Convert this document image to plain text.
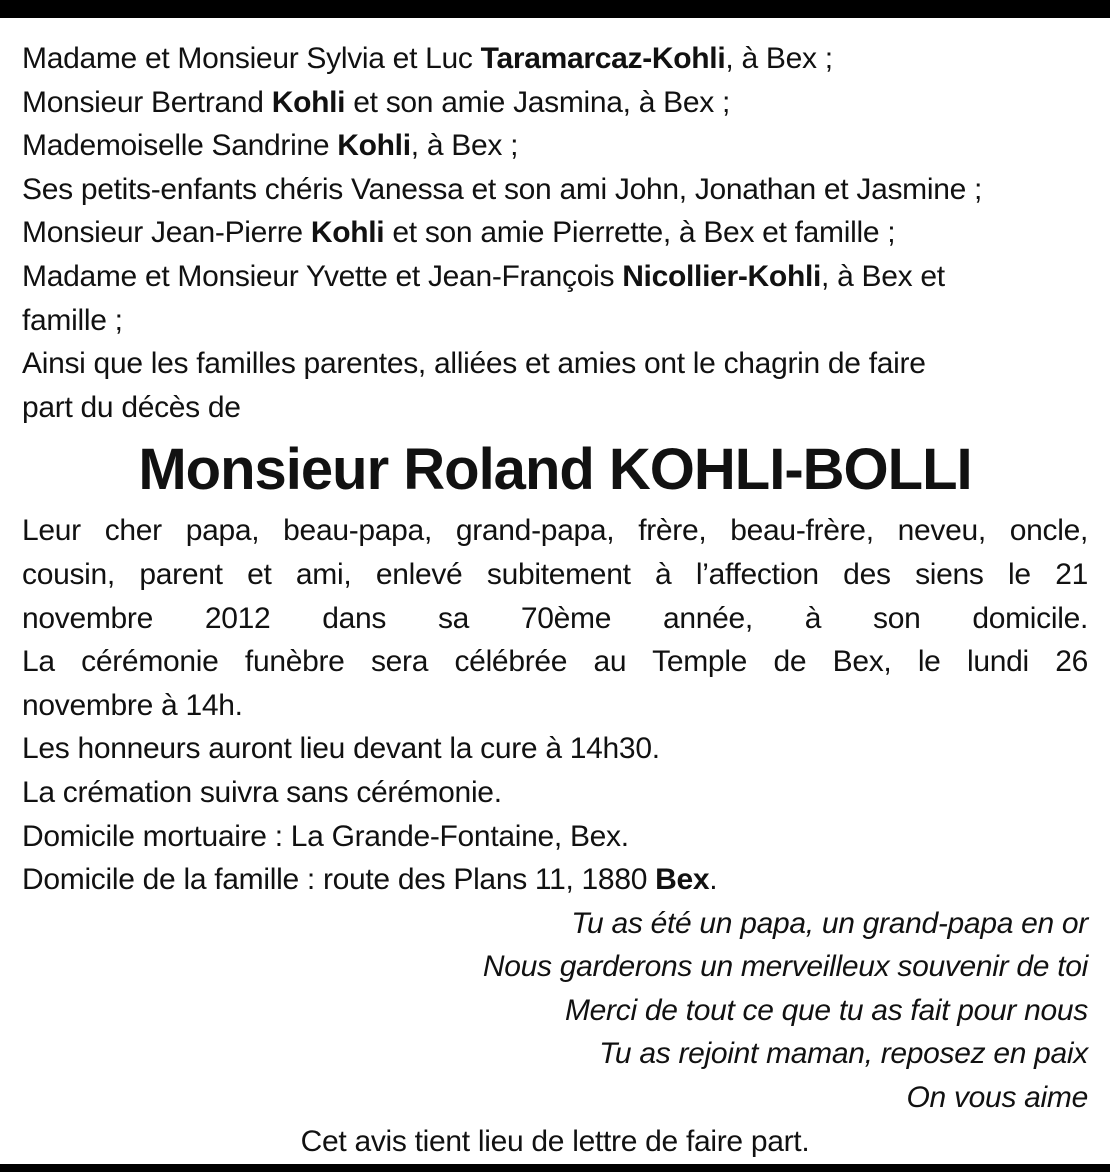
Madame et Monsieur Sylvia et Luc Taramarcaz-Kohli, à Bex ;
Monsieur Bertrand Kohli et son amie Jasmina, à Bex ;
Mademoiselle Sandrine Kohli, à Bex ;
Ses petits-enfants chéris Vanessa et son ami John, Jonathan et Jasmine ;
Monsieur Jean-Pierre Kohli et son amie Pierrette, à Bex et famille ;
Madame et Monsieur Yvette et Jean-François Nicollier-Kohli, à Bex et
famille ;
Ainsi que les familles parentes, alliées et amies ont le chagrin de faire
part du décès de
Monsieur Roland KOHLI-BOLLI
Leur cher papa, beau-papa, grand-papa, frère, beau-frère, neveu, oncle,
cousin, parent et ami, enlevé subitement à l’affection des siens le 21
novembre 2012 dans sa 70ème année, à son domicile.
La cérémonie funèbre sera célébrée au Temple de Bex, le lundi 26
novembre à 14h.
Les honneurs auront lieu devant la cure à 14h30.
La crémation suivra sans cérémonie.
Domicile mortuaire : La Grande-Fontaine, Bex.
Domicile de la famille : route des Plans 11, 1880 Bex.
Tu as été un papa, un grand-papa en or
Nous garderons un merveilleux souvenir de toi
Merci de tout ce que tu as fait pour nous
Tu as rejoint maman, reposez en paix
On vous aime
Cet avis tient lieu de lettre de faire part.
